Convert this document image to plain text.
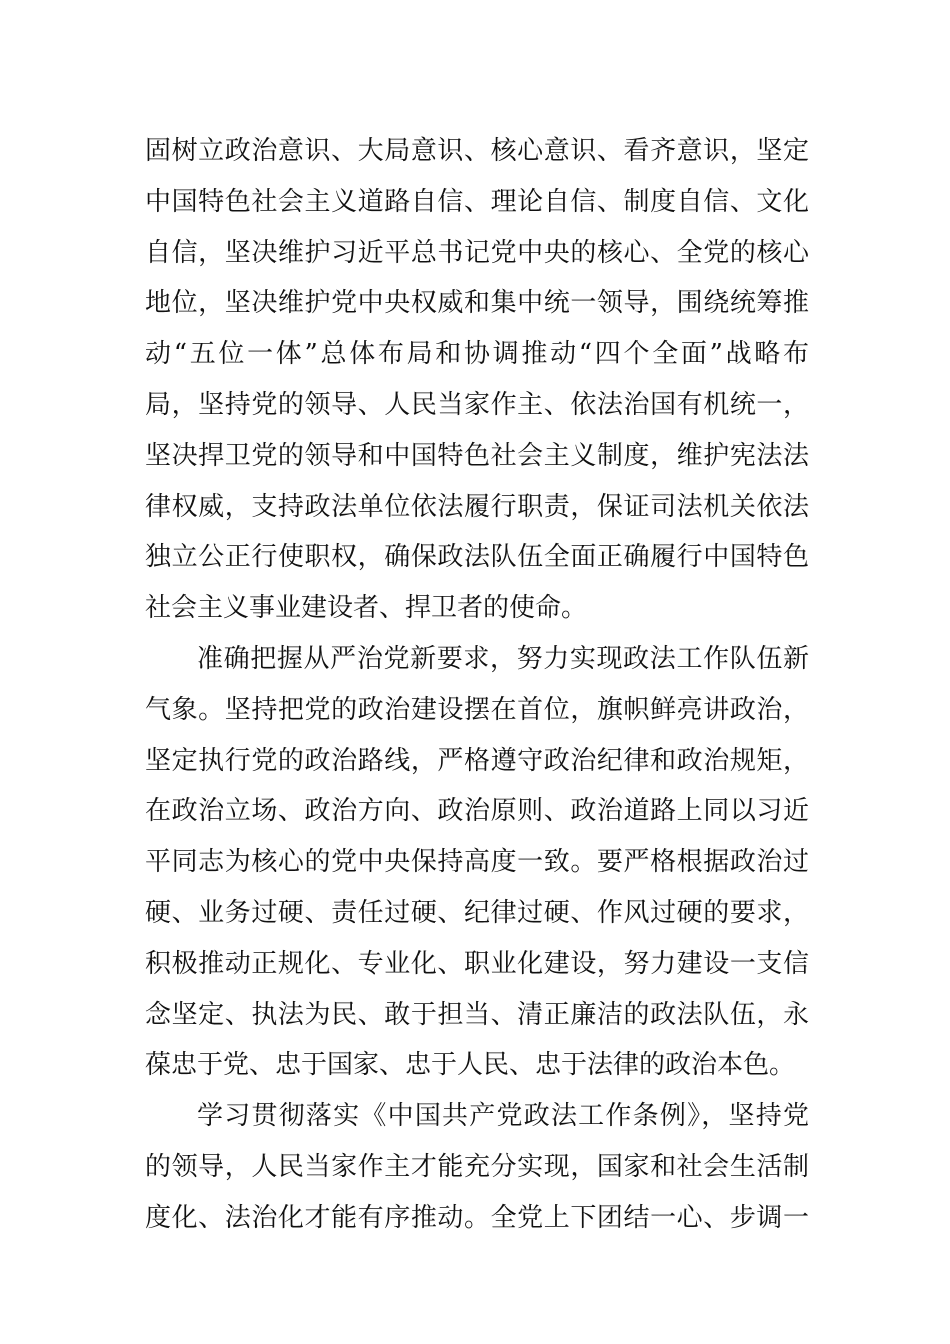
固树立政治意识、大局意识、核心意识、看齐意识，坚定
中国特色社会主义道路自信、理论自信、制度自信、文化
自信，坚决维护习近平总书记党中央的核心、全党的核心
地位，坚决维护党中央权威和集中统一领导，围绕统筹推
动“五位一体”总体布局和协调推动“四个全面”战略布
局，坚持党的领导、人民当家作主、依法治国有机统一，
坚决捍卫党的领导和中国特色社会主义制度，维护宪法法
律权威，支持政法单位依法履行职责，保证司法机关依法
独立公正行使职权，确保政法队伍全面正确履行中国特色
社会主义事业建设者、捍卫者的使命。
准确把握从严治党新要求，努力实现政法工作队伍新
气象。坚持把党的政治建设摆在首位，旗帜鲜亮讲政治，
坚定执行党的政治路线，严格遵守政治纪律和政治规矩，
在政治立场、政治方向、政治原则、政治道路上同以习近
平同志为核心的党中央保持高度一致。要严格根据政治过
硬、业务过硬、责任过硬、纪律过硬、作风过硬的要求，
积极推动正规化、专业化、职业化建设，努力建设一支信
念坚定、执法为民、敢于担当、清正廉洁的政法队伍，永
葆忠于党、忠于国家、忠于人民、忠于法律的政治本色。
学习贯彻落实《中国共产党政法工作条例》，坚持党
的领导，人民当家作主才能充分实现，国家和社会生活制
度化、法治化才能有序推动。全党上下团结一心、步调一
